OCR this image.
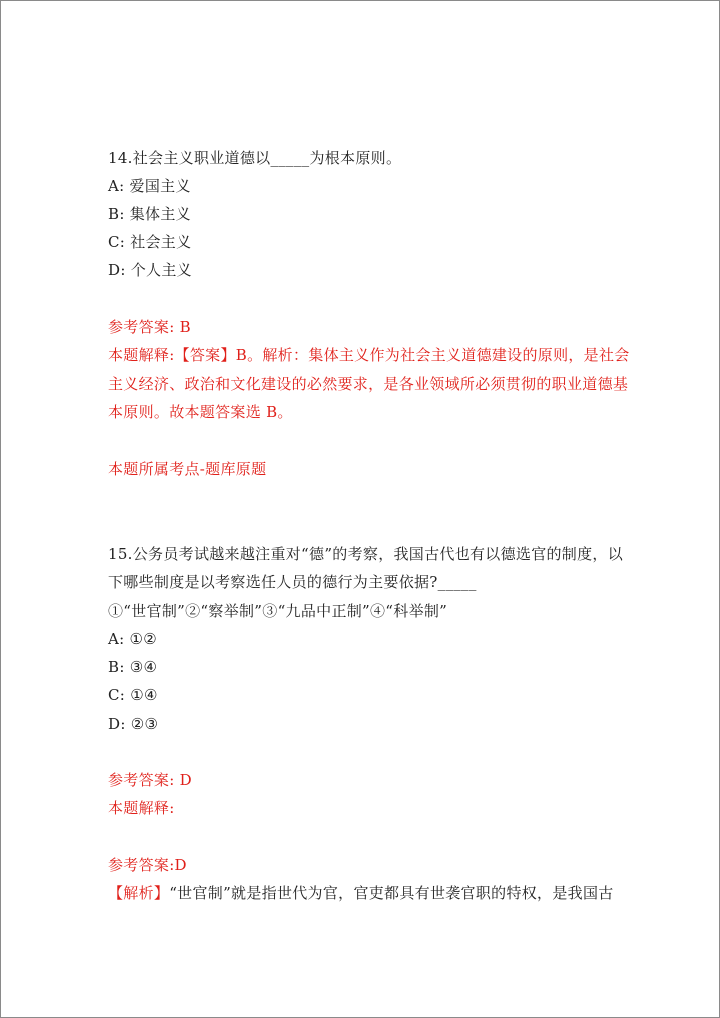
14.社会主义职业道德以_____为根本原则。
A: 爱国主义
B: 集体主义
C: 社会主义
D: 个人主义
参考答案: B
本题解释:【答案】B。解析：集体主义作为社会主义道德建设的原则，是社会
主义经济、政治和文化建设的必然要求，是各业领域所必须贯彻的职业道德基
本原则。故本题答案选 B。
本题所属考点-题库原题
15.公务员考试越来越注重对“德”的考察，我国古代也有以德选官的制度，以
下哪些制度是以考察选任人员的德行为主要依据?_____
①“世官制”②“察举制”③“九品中正制”④“科举制”
A: ①②
B: ③④
C: ①④
D: ②③
参考答案: D
本题解释:
参考答案:D
【解析】“世官制”就是指世代为官，官吏都具有世袭官职的特权，是我国古
